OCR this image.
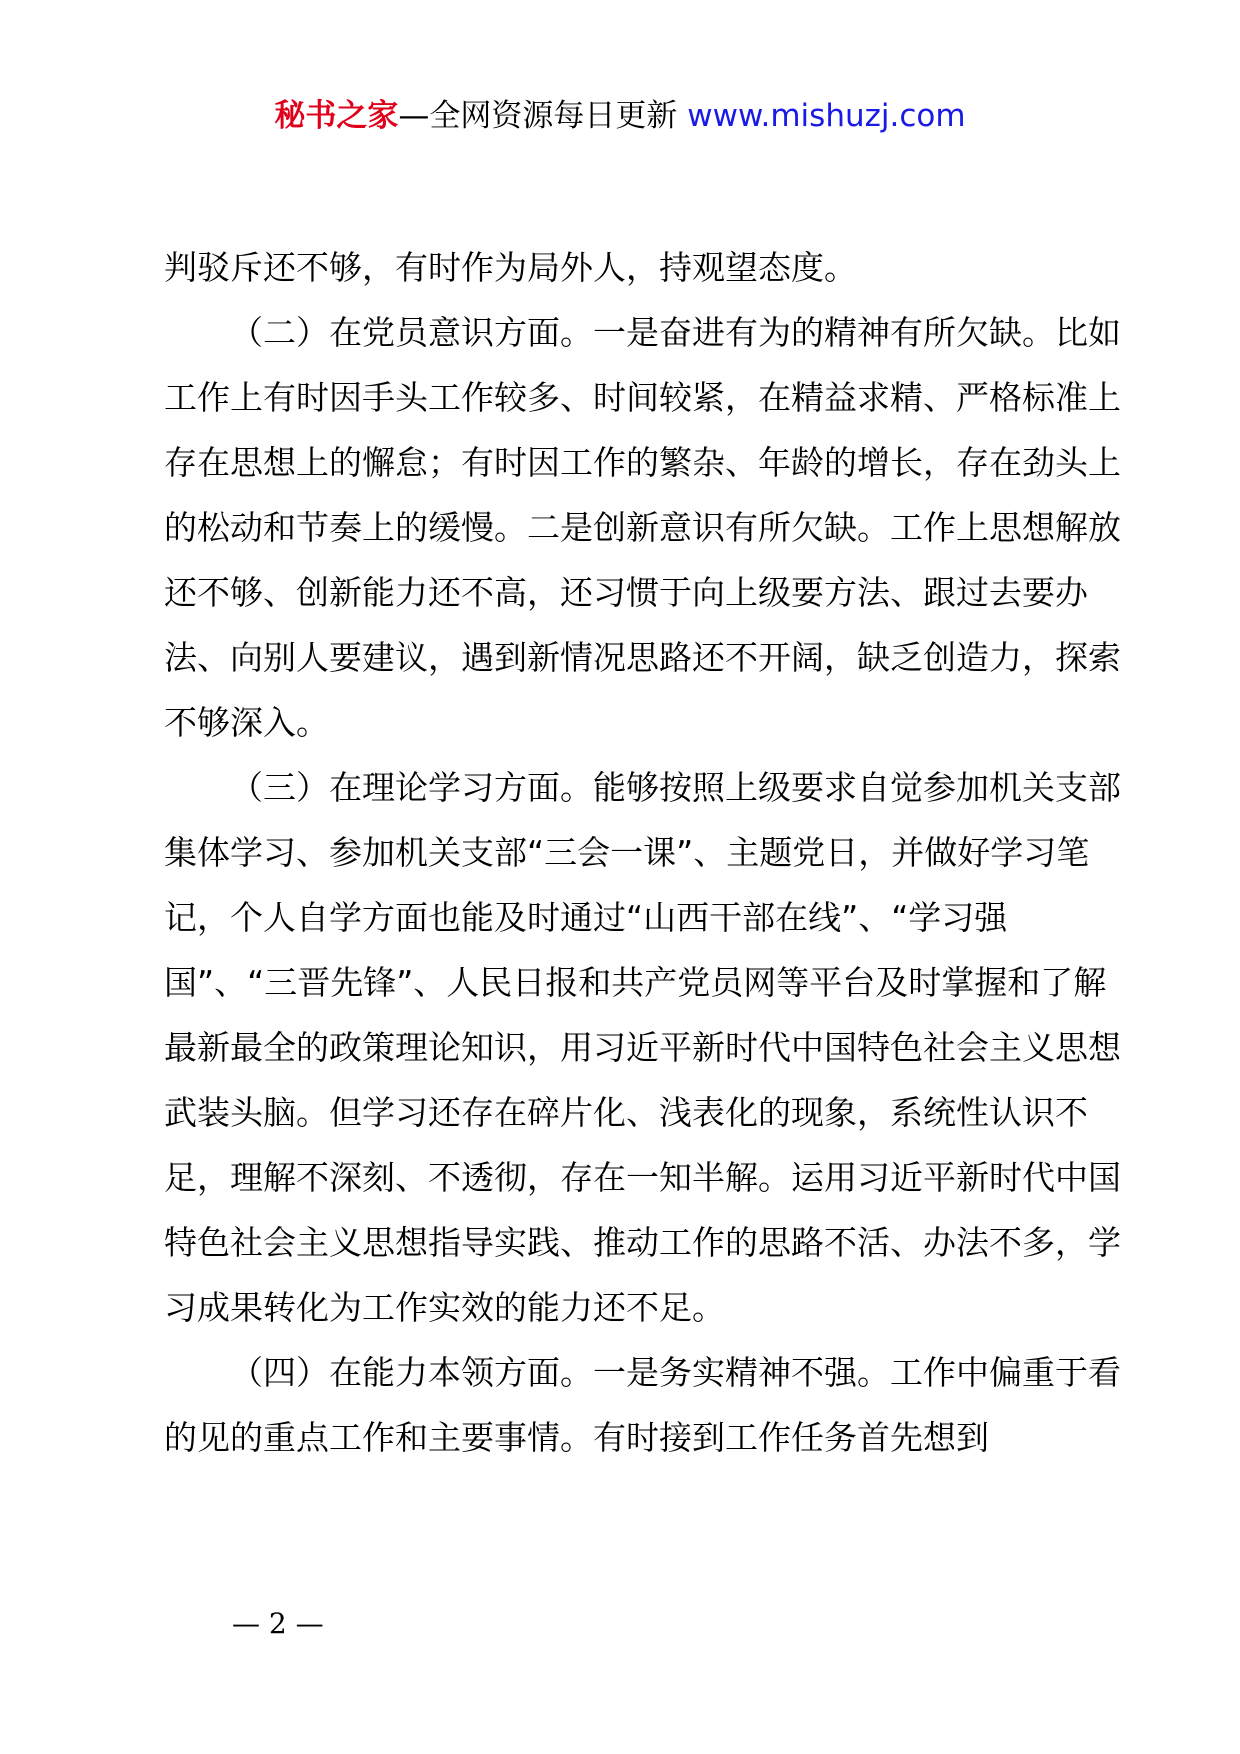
秘书之家—全网资源每日更新 www.mishuzj.com

判驳斥还不够，有时作为局外人，持观望态度。

（二）在党员意识方面。一是奋进有为的精神有所欠缺。比如工作上有时因手头工作较多、时间较紧，在精益求精、严格标准上存在思想上的懈怠；有时因工作的繁杂、年龄的增长，存在劲头上的松动和节奏上的缓慢。二是创新意识有所欠缺。工作上思想解放还不够、创新能力还不高，还习惯于向上级要方法、跟过去要办法、向别人要建议，遇到新情况思路还不开阔，缺乏创造力，探索不够深入。

（三）在理论学习方面。能够按照上级要求自觉参加机关支部集体学习、参加机关支部“三会一课”、主题党日，并做好学习笔记，个人自学方面也能及时通过“山西干部在线”、“学习强国”、“三晋先锋”、人民日报和共产党员网等平台及时掌握和了解最新最全的政策理论知识，用习近平新时代中国特色社会主义思想武装头脑。但学习还存在碎片化、浅表化的现象，系统性认识不足，理解不深刻、不透彻，存在一知半解。运用习近平新时代中国特色社会主义思想指导实践、推动工作的思路不活、办法不多，学习成果转化为工作实效的能力还不足。

（四）在能力本领方面。一是务实精神不强。工作中偏重于看的见的重点工作和主要事情。有时接到工作任务首先想到

— 2 —
